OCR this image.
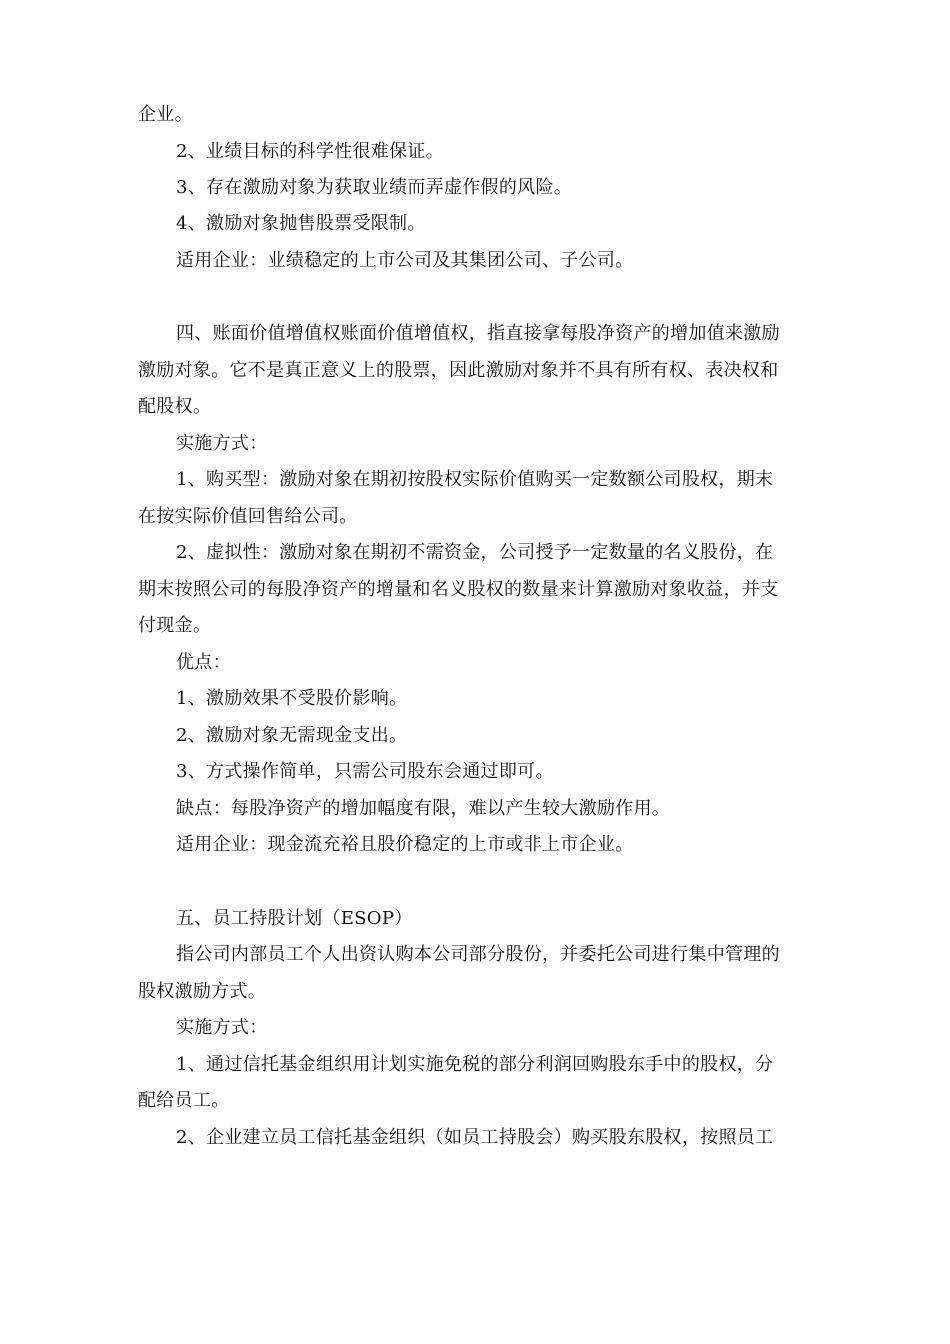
企业。
2、业绩目标的科学性很难保证。
3、存在激励对象为获取业绩而弄虚作假的风险。
4、激励对象抛售股票受限制。
适用企业：业绩稳定的上市公司及其集团公司、子公司。
四、账面价值增值权账面价值增值权，指直接拿每股净资产的增加值来激励
激励对象。它不是真正意义上的股票，因此激励对象并不具有所有权、表决权和
配股权。
实施方式：
1、购买型：激励对象在期初按股权实际价值购买一定数额公司股权，期末
在按实际价值回售给公司。
2、虚拟性：激励对象在期初不需资金，公司授予一定数量的名义股份，在
期末按照公司的每股净资产的增量和名义股权的数量来计算激励对象收益，并支
付现金。
优点：
1、激励效果不受股价影响。
2、激励对象无需现金支出。
3、方式操作简单，只需公司股东会通过即可。
缺点：每股净资产的增加幅度有限，难以产生较大激励作用。
适用企业：现金流充裕且股价稳定的上市或非上市企业。
五、员工持股计划（ESOP）
指公司内部员工个人出资认购本公司部分股份，并委托公司进行集中管理的
股权激励方式。
实施方式：
1、通过信托基金组织用计划实施免税的部分利润回购股东手中的股权，分
配给员工。
2、企业建立员工信托基金组织（如员工持股会）购买股东股权，按照员工
